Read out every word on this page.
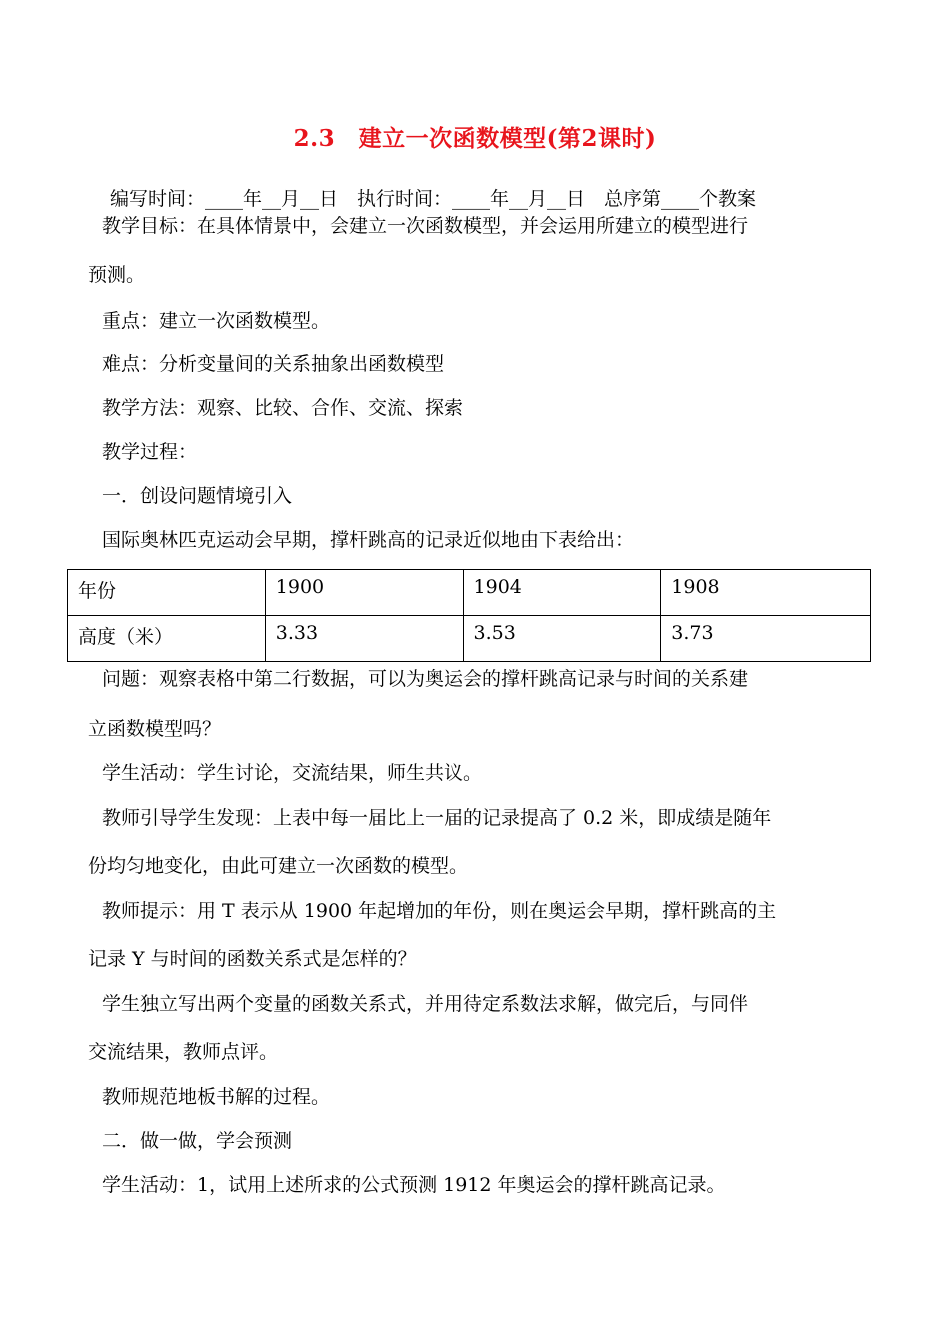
2.3　建立一次函数模型(第2课时)
编写时间：____年__月__日　执行时间：____年__月__日　总序第____个教案
教学目标：在具体情景中，会建立一次函数模型，并会运用所建立的模型进行
预测。
重点：建立一次函数模型。
难点：分析变量间的关系抽象出函数模型
教学方法：观察、比较、合作、交流、探索
教学过程：
一．创设问题情境引入
国际奥林匹克运动会早期，撑杆跳高的记录近似地由下表给出：
年份	1900	1904	1908
高度（米）	3.33	3.53	3.73
问题：观察表格中第二行数据，可以为奥运会的撑杆跳高记录与时间的关系建
立函数模型吗？
学生活动：学生讨论，交流结果，师生共议。
教师引导学生发现：上表中每一届比上一届的记录提高了 0.2 米，即成绩是随年
份均匀地变化，由此可建立一次函数的模型。
教师提示：用 T 表示从 1900 年起增加的年份，则在奥运会早期，撑杆跳高的主
记录 Y 与时间的函数关系式是怎样的？
学生独立写出两个变量的函数关系式，并用待定系数法求解，做完后，与同伴
交流结果，教师点评。
教师规范地板书解的过程。
二．做一做，学会预测
学生活动：1，试用上述所求的公式预测 1912 年奥运会的撑杆跳高记录。
